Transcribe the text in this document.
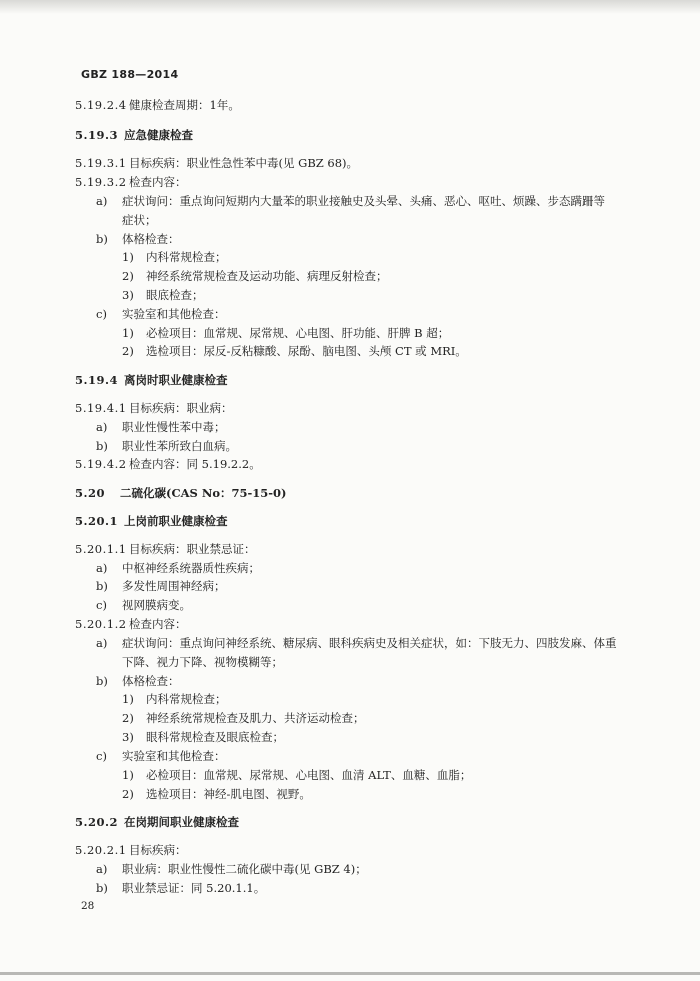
GBZ 188—2014
5.19.2.4 健康检查周期：1年。
5.19.3 应急健康检查
5.19.3.1 目标疾病：职业性急性苯中毒(见 GBZ 68)。
5.19.3.2 检查内容：
a) 症状询问：重点询问短期内大量苯的职业接触史及头晕、头痛、恶心、呕吐、烦躁、步态蹒跚等
症状；
b) 体格检查：
1) 内科常规检查；
2) 神经系统常规检查及运动功能、病理反射检查；
3) 眼底检查；
c) 实验室和其他检查：
1) 必检项目：血常规、尿常规、心电图、肝功能、肝脾 B 超；
2) 选检项目：尿反-反粘糠酸、尿酚、脑电图、头颅 CT 或 MRI。
5.19.4 离岗时职业健康检查
5.19.4.1 目标疾病：职业病：
a) 职业性慢性苯中毒；
b) 职业性苯所致白血病。
5.19.4.2 检查内容：同 5.19.2.2。
5.20 二硫化碳(CAS No：75-15-0)
5.20.1 上岗前职业健康检查
5.20.1.1 目标疾病：职业禁忌证：
a) 中枢神经系统器质性疾病；
b) 多发性周围神经病；
c) 视网膜病变。
5.20.1.2 检查内容：
a) 症状询问：重点询问神经系统、糖尿病、眼科疾病史及相关症状，如：下肢无力、四肢发麻、体重
下降、视力下降、视物模糊等；
b) 体格检查：
1) 内科常规检查；
2) 神经系统常规检查及肌力、共济运动检查；
3) 眼科常规检查及眼底检查；
c) 实验室和其他检查：
1) 必检项目：血常规、尿常规、心电图、血清 ALT、血糖、血脂；
2) 选检项目：神经-肌电图、视野。
5.20.2 在岗期间职业健康检查
5.20.2.1 目标疾病：
a) 职业病：职业性慢性二硫化碳中毒(见 GBZ 4)；
b) 职业禁忌证：同 5.20.1.1。
28
